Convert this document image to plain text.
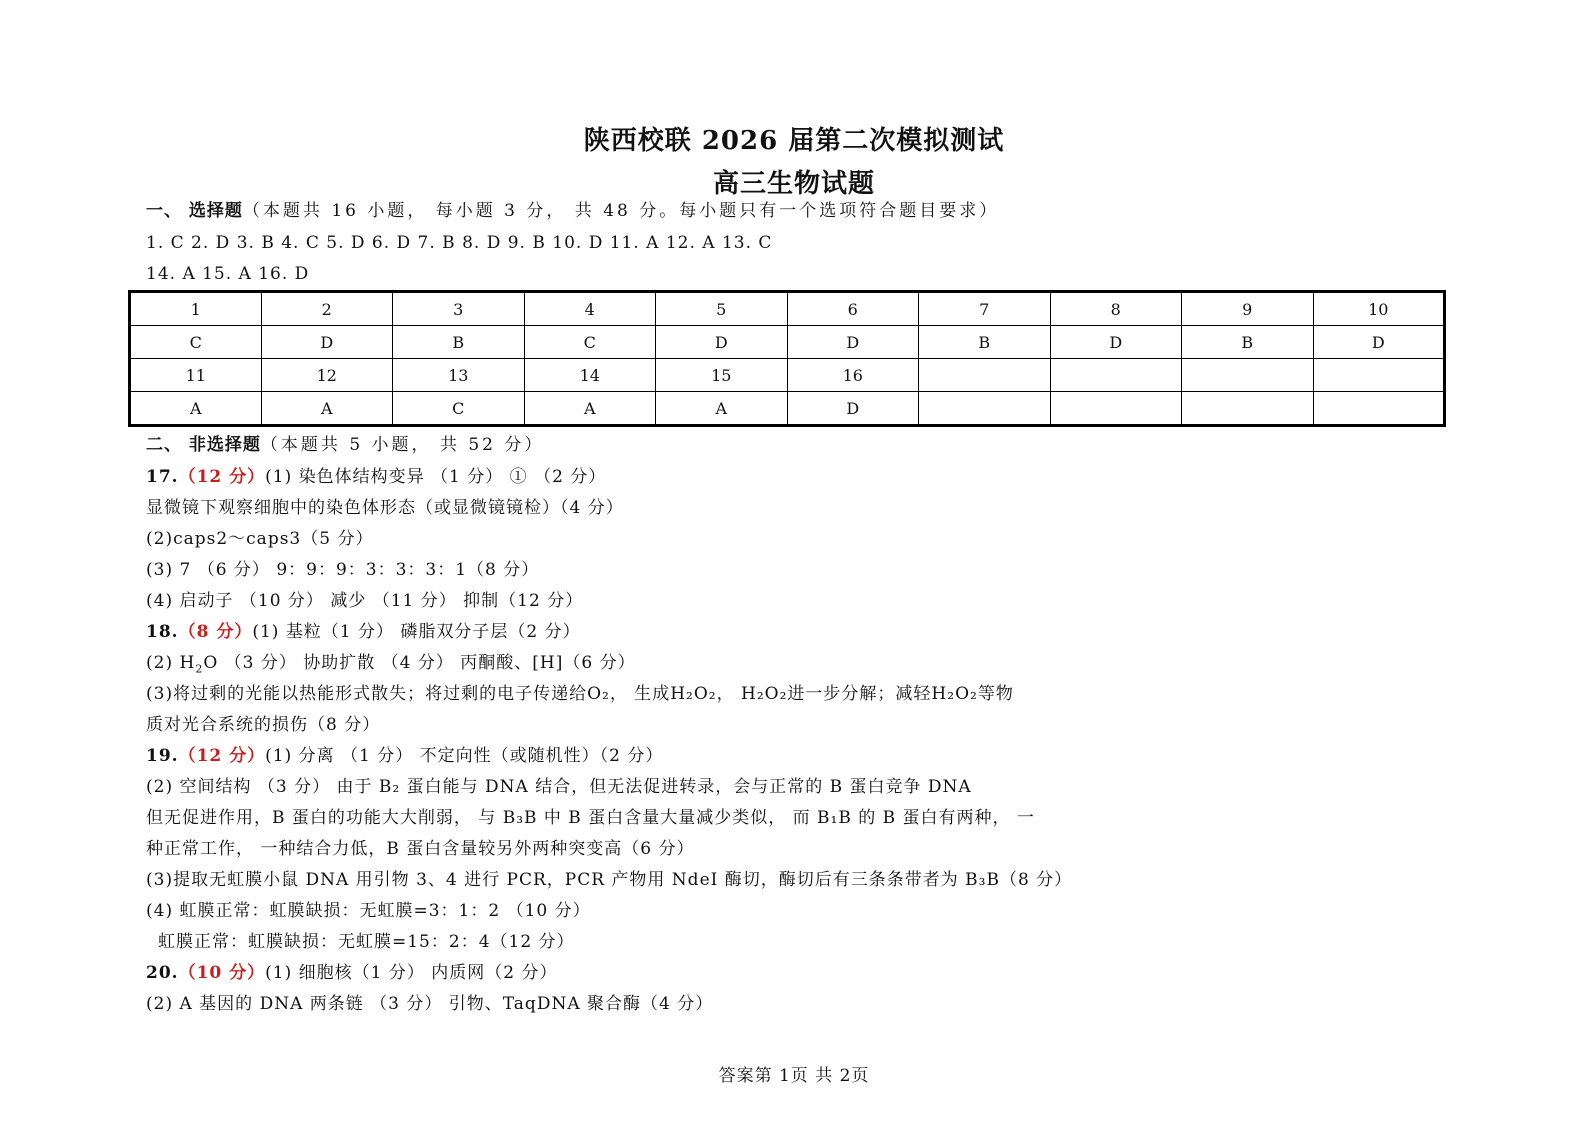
陕西校联 2026 届第二次模拟测试
高三生物试题
一、 选择题（本题共 16 小题， 每小题 3 分， 共 48 分。每小题只有一个选项符合题目要求）
1. C 2. D 3. B 4. C 5. D 6. D 7. B 8. D 9. B 10. D 11. A 12. A 13. C
14. A 15. A 16. D
1	2	3	4	5	6	7	8	9	10
C	D	B	C	D	D	B	D	B	D
11	12	13	14	15	16				
A	A	C	A	A	D				
二、 非选择题（本题共 5 小题， 共 52 分）
17.（12 分）(1) 染色体结构变异 （1 分） ① （2 分）
显微镜下观察细胞中的染色体形态（或显微镜镜检）（4 分）
(2)caps2～caps3（5 分）
(3) 7 （6 分） 9：9：9：3：3：3：1（8 分）
(4) 启动子 （10 分） 减少 （11 分） 抑制（12 分）
18.（8 分）(1) 基粒（1 分） 磷脂双分子层（2 分）
(2) $H_2O$ （3 分） 协助扩散 （4 分） 丙酮酸、[H]（6 分）
(3)将过剩的光能以热能形式散失；将过剩的电子传递给O₂， 生成H₂O₂， H₂O₂进一步分解；减轻H₂O₂等物
质对光合系统的损伤（8 分）
19.（12 分）(1) 分离 （1 分） 不定向性（或随机性）（2 分）
(2) 空间结构 （3 分） 由于 B₂ 蛋白能与 DNA 结合，但无法促进转录，会与正常的 B 蛋白竞争 DNA
但无促进作用，B 蛋白的功能大大削弱， 与 B₃B 中 B 蛋白含量大量减少类似， 而 B₁B 的 B 蛋白有两种， 一
种正常工作， 一种结合力低，B 蛋白含量较另外两种突变高（6 分）
(3)提取无虹膜小鼠 DNA 用引物 3、4 进行 PCR，PCR 产物用 NdeI 酶切，酶切后有三条条带者为 B₃B（8 分）
(4) 虹膜正常：虹膜缺损：无虹膜=3：1：2 （10 分）
虹膜正常：虹膜缺损：无虹膜=15：2：4（12 分）
20.（10 分）(1) 细胞核（1 分） 内质网（2 分）
(2) A 基因的 DNA 两条链 （3 分） 引物、TaqDNA 聚合酶（4 分）
答案第 1页 共 2页
